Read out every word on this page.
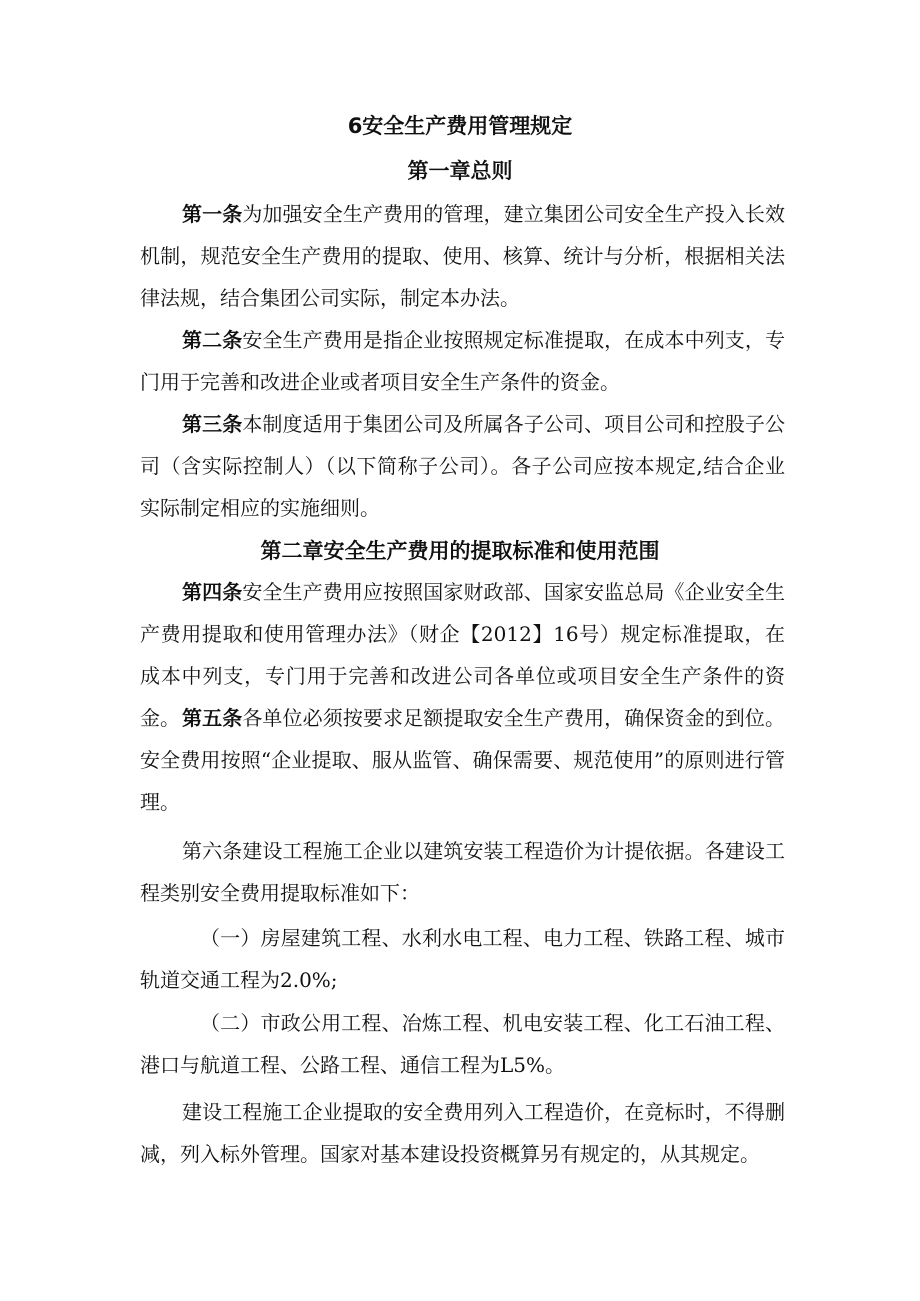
6安全生产费用管理规定
第一章总则

第一条为加强安全生产费用的管理，建立集团公司安全生产投入长效机制，规范安全生产费用的提取、使用、核算、统计与分析，根据相关法律法规，结合集团公司实际，制定本办法。

第二条安全生产费用是指企业按照规定标准提取，在成本中列支，专门用于完善和改进企业或者项目安全生产条件的资金。

第三条本制度适用于集团公司及所属各子公司、项目公司和控股子公司（含实际控制人）（以下简称子公司）。各子公司应按本规定,结合企业实际制定相应的实施细则。

第二章安全生产费用的提取标准和使用范围

第四条安全生产费用应按照国家财政部、国家安监总局《企业安全生产费用提取和使用管理办法》（财企【2012】16号）规定标准提取，在成本中列支，专门用于完善和改进公司各单位或项目安全生产条件的资金。 第五条各单位必须按要求足额提取安全生产费用，确保资金的到位。安全费用按照“企业提取、服从监管、确保需要、规范使用”的原则进行管理。

第六条建设工程施工企业以建筑安装工程造价为计提依据。各建设工程类别安全费用提取标准如下：

（一）房屋建筑工程、水利水电工程、电力工程、铁路工程、城市轨道交通工程为2.0%;

（二）市政公用工程、冶炼工程、机电安装工程、化工石油工程、港口与航道工程、公路工程、通信工程为L5%。

建设工程施工企业提取的安全费用列入工程造价，在竞标时，不得删减，列入标外管理。国家对基本建设投资概算另有规定的，从其规定。
